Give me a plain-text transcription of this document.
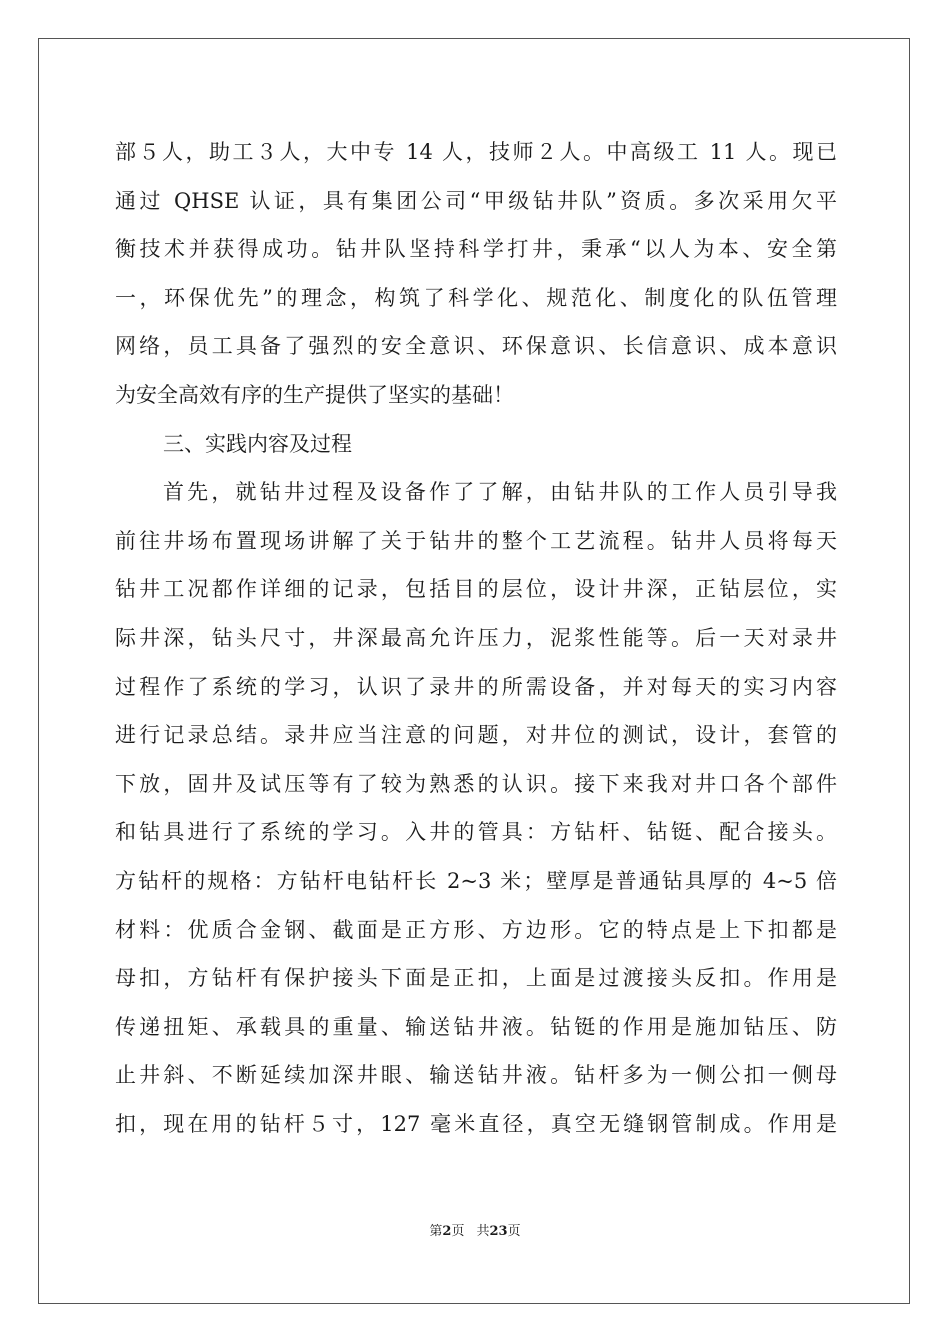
部５人，助工３人，大中专 14 人，技师２人。中高级工 11 人。现已
通过 QHSE 认证，具有集团公司“甲级钻井队”资质。多次采用欠平
衡技术并获得成功。钻井队坚持科学打井，秉承“以人为本、安全第
一，环保优先”的理念，构筑了科学化、规范化、制度化的队伍管理
网络，员工具备了强烈的安全意识、环保意识、长信意识、成本意识
为安全高效有序的生产提供了坚实的基础！
三、实践内容及过程
首先，就钻井过程及设备作了了解，由钻井队的工作人员引导我
前往井场布置现场讲解了关于钻井的整个工艺流程。钻井人员将每天
钻井工况都作详细的记录，包括目的层位，设计井深，正钻层位，实
际井深，钻头尺寸，井深最高允许压力，泥浆性能等。后一天对录井
过程作了系统的学习，认识了录井的所需设备，并对每天的实习内容
进行记录总结。录井应当注意的问题，对井位的测试，设计，套管的
下放，固井及试压等有了较为熟悉的认识。接下来我对井口各个部件
和钻具进行了系统的学习。入井的管具：方钻杆、钻铤、配合接头。
方钻杆的规格：方钻杆电钻杆长 2~3 米；壁厚是普通钻具厚的 4~5 倍
材料：优质合金钢、截面是正方形、方边形。它的特点是上下扣都是
母扣，方钻杆有保护接头下面是正扣，上面是过渡接头反扣。作用是
传递扭矩、承载具的重量、输送钻井液。钻铤的作用是施加钻压、防
止井斜、不断延续加深井眼、输送钻井液。钻杆多为一侧公扣一侧母
扣，现在用的钻杆５寸，127 毫米直径，真空无缝钢管制成。作用是
第2页 共23页
